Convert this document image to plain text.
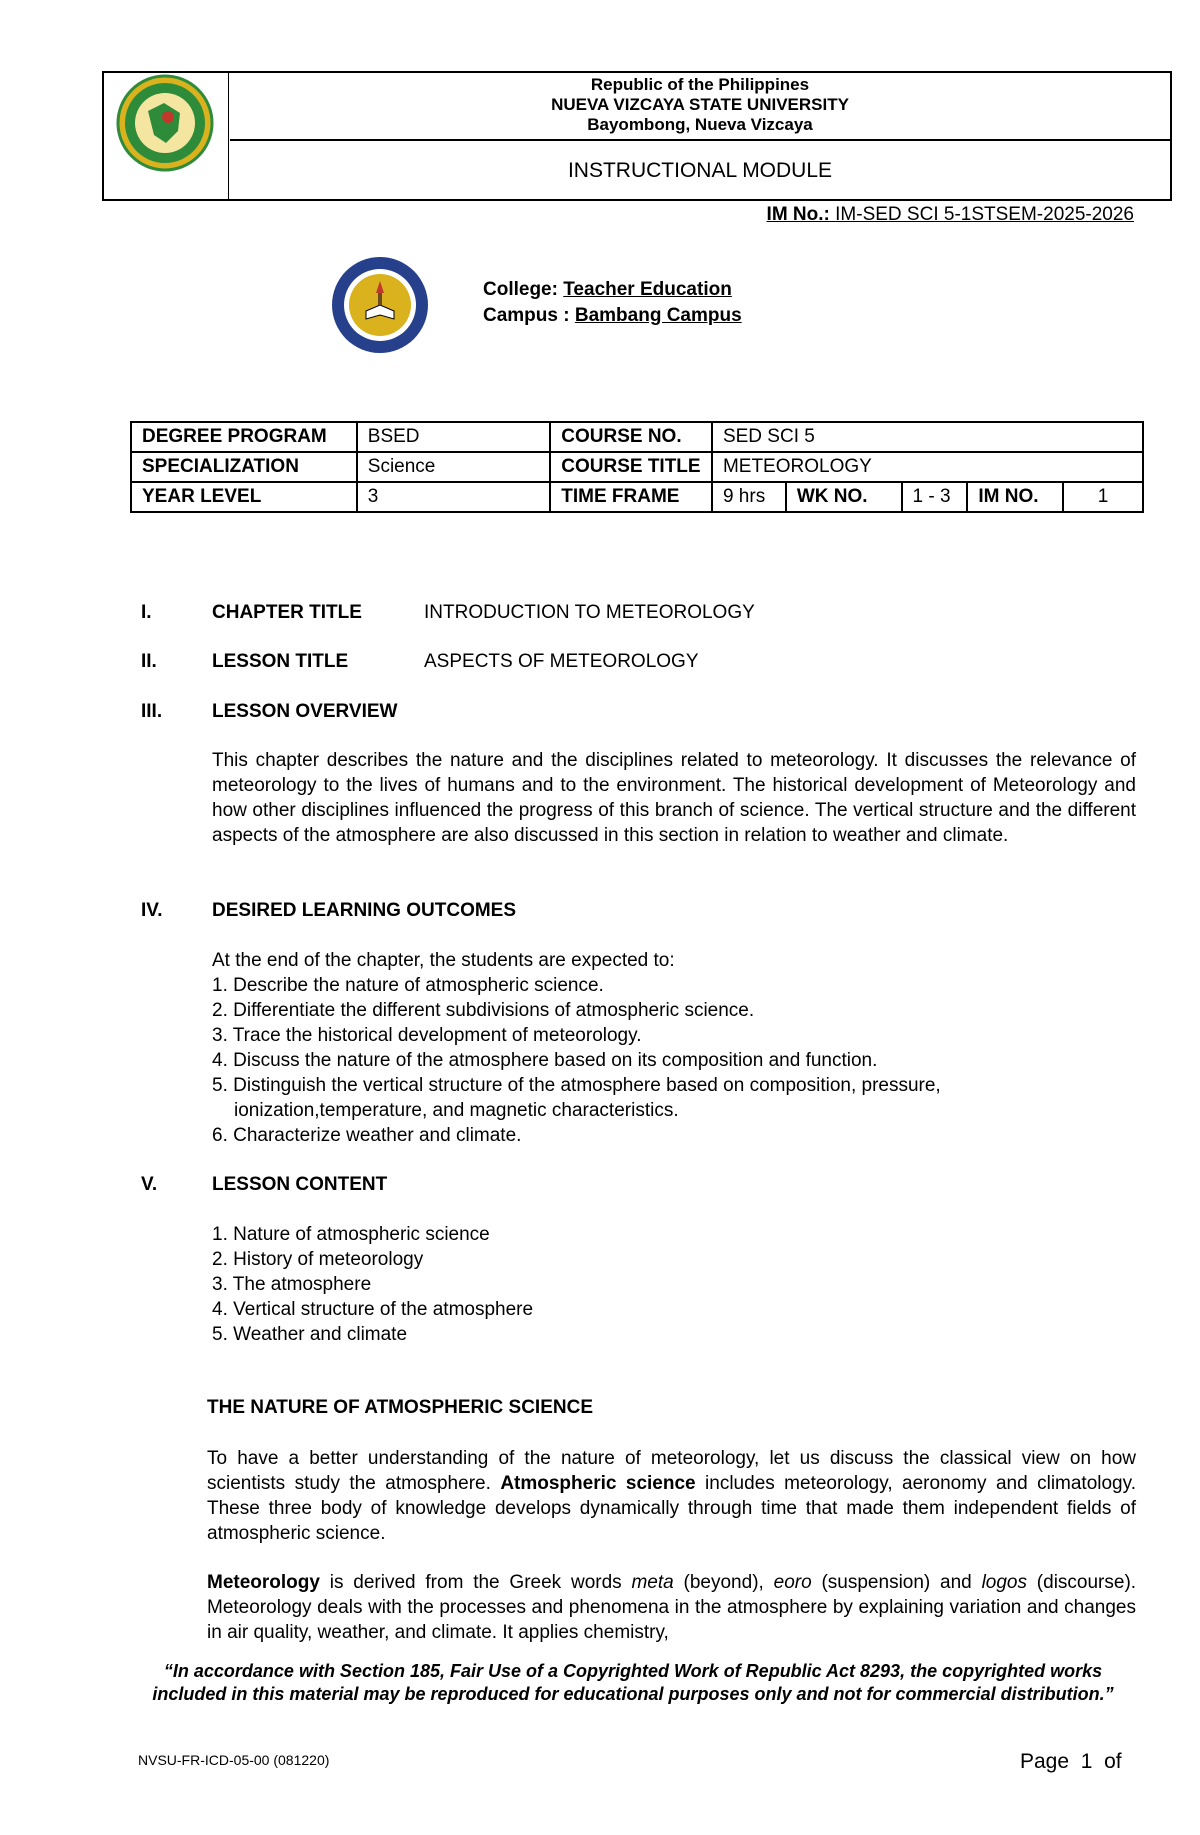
Republic of the Philippines
NUEVA VIZCAYA STATE UNIVERSITY
Bayombong, Nueva Vizcaya
INSTRUCTIONAL MODULE
IM No.: IM-SED SCI 5-1STSEM-2025-2026
College: Teacher Education
Campus : Bambang Campus
DEGREE PROGRAM	BSED	COURSE NO.	SED SCI 5				
SPECIALIZATION	Science	COURSE TITLE	METEOROLOGY				
YEAR LEVEL	3	TIME FRAME	9 hrs	WK NO.	1 - 3	IM NO.	1
I.	CHAPTER TITLE	INTRODUCTION TO METEOROLOGY
II.	LESSON TITLE	ASPECTS OF METEOROLOGY
III.	LESSON OVERVIEW
This chapter describes the nature and the disciplines related to meteorology. It discusses the relevance of meteorology to the lives of humans and to the environment. The historical development of Meteorology and how other disciplines influenced the progress of this branch of science. The vertical structure and the different aspects of the atmosphere are also discussed in this section in relation to weather and climate.
IV.	DESIRED LEARNING OUTCOMES
At the end of the chapter, the students are expected to:
1. Describe the nature of atmospheric science.
2. Differentiate the different subdivisions of atmospheric science.
3. Trace the historical development of meteorology.
4. Discuss the nature of the atmosphere based on its composition and function.
5. Distinguish the vertical structure of the atmosphere based on composition, pressure,
ionization,temperature, and magnetic characteristics.
6. Characterize weather and climate.
V.	LESSON CONTENT
1. Nature of atmospheric science
2. History of meteorology
3. The atmosphere
4. Vertical structure of the atmosphere
5. Weather and climate
THE NATURE OF ATMOSPHERIC SCIENCE
To have a better understanding of the nature of meteorology, let us discuss the classical view on how scientists study the atmosphere. Atmospheric science includes meteorology, aeronomy and climatology. These three body of knowledge develops dynamically through time that made them independent fields of atmospheric science.
Meteorology is derived from the Greek words meta (beyond), eoro (suspension) and logos (discourse). Meteorology deals with the processes and phenomena in the atmosphere by explaining variation and changes in air quality, weather, and climate. It applies chemistry,
“In accordance with Section 185, Fair Use of a Copyrighted Work of Republic Act 8293, the copyrighted works included in this material may be reproduced for educational purposes only and not for commercial distribution.”
NVSU-FR-ICD-05-00 (081220)	Page 1 of
